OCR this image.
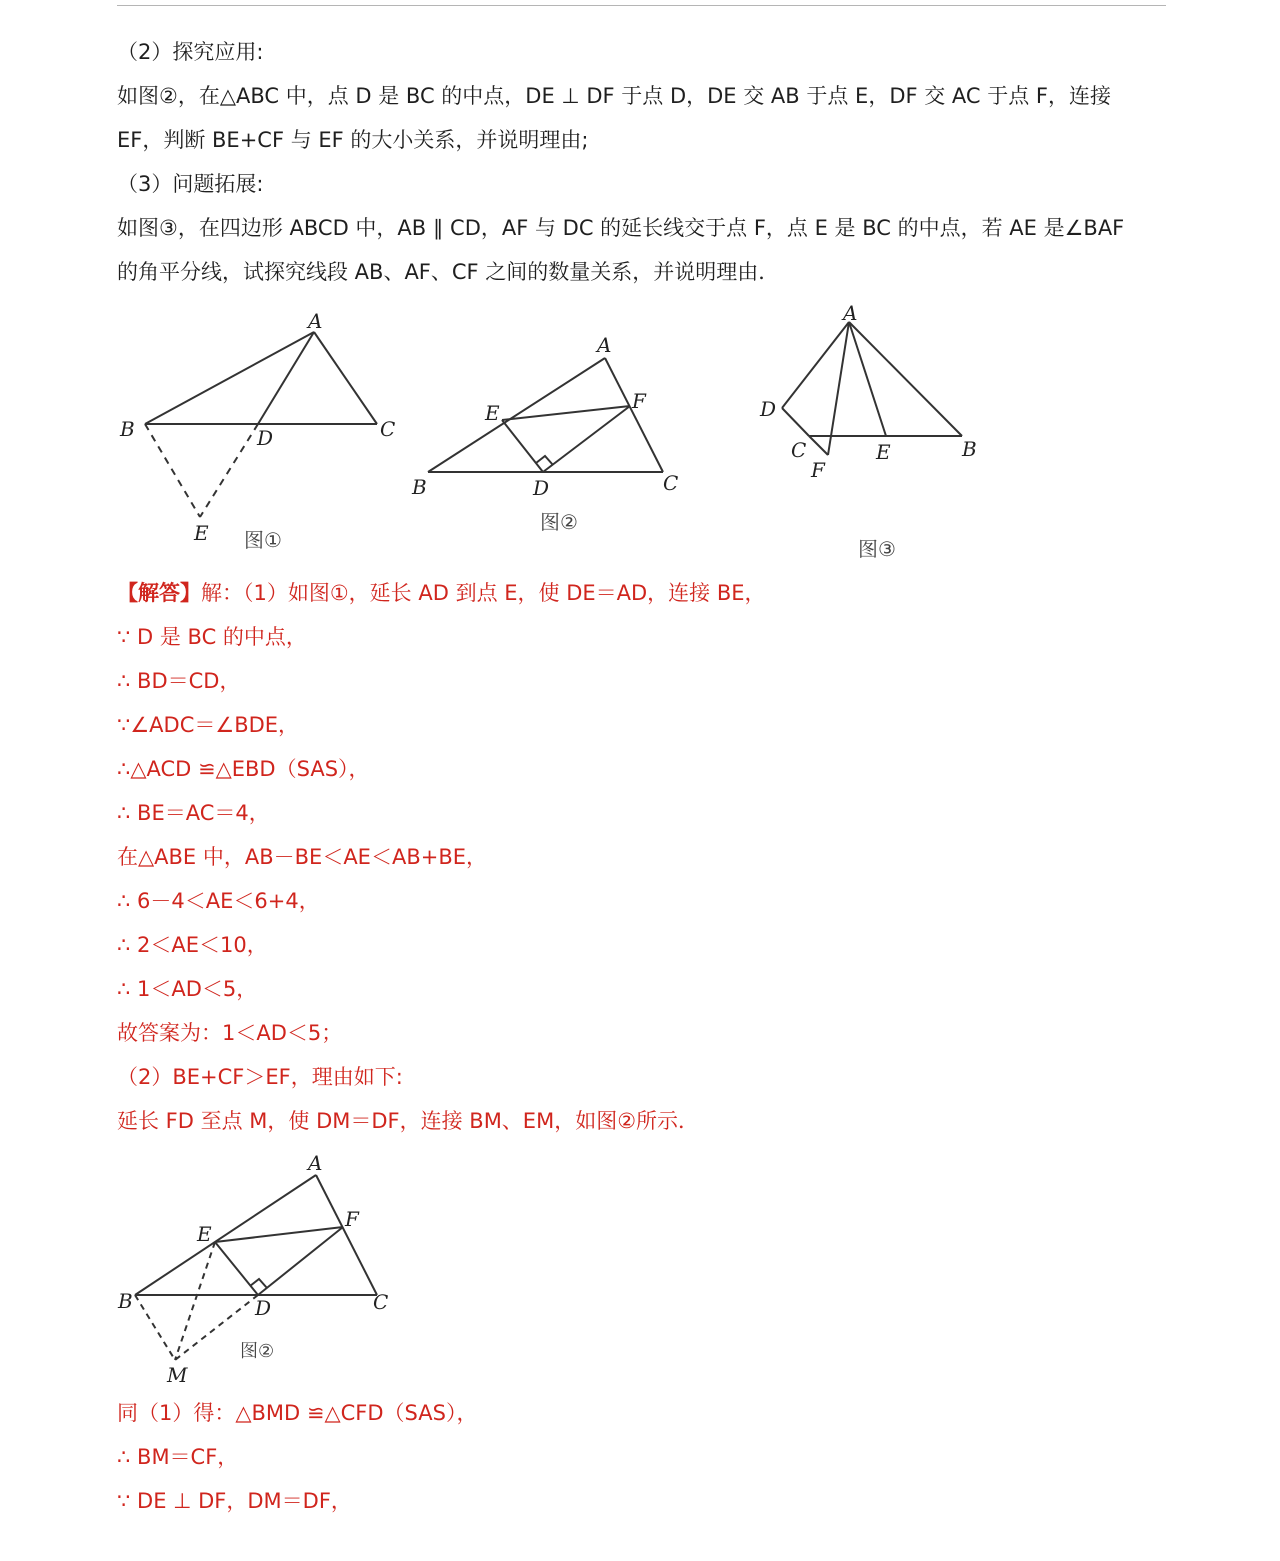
（2）探究应用:
如图②，在△ABC 中，点 D 是 BC 的中点，DE ⊥ DF 于点 D，DE 交 AB 于点 E，DF 交 AC 于点 F，连接
EF，判断 BE+CF 与 EF 的大小关系，并说明理由;
（3）问题拓展:
如图③，在四边形 ABCD 中，AB ∥ CD，AF 与 DC 的延长线交于点 F，点 E 是 BC 的中点，若 AE 是∠BAF
的角平分线，试探究线段 AB、AF、CF 之间的数量关系，并说明理由．
A
B	C
D
E 图①
A
B	C
D
E	F
图②
A
B
C
D
E
F
图③
【解答】解：（1）如图①，延长 AD 到点 E，使 DE＝AD，连接 BE，
∵ D 是 BC 的中点，
∴ BD＝CD，
∵∠ADC＝∠BDE，
∴△ACD ≌△EBD（SAS），
∴ BE＝AC＝4，
在△ABE 中，AB－BE＜AE＜AB+BE，
∴ 6－4＜AE＜6+4，
∴ 2＜AE＜10，
∴ 1＜AD＜5，
故答案为：1＜AD＜5；
（2）BE+CF＞EF，理由如下:
延长 FD 至点 M，使 DM＝DF，连接 BM、EM，如图②所示．
A
B	C
D
E
F
M
图②
同（1）得：△BMD ≌△CFD（SAS），
∴ BM＝CF，
∵ DE ⊥ DF，DM＝DF，
